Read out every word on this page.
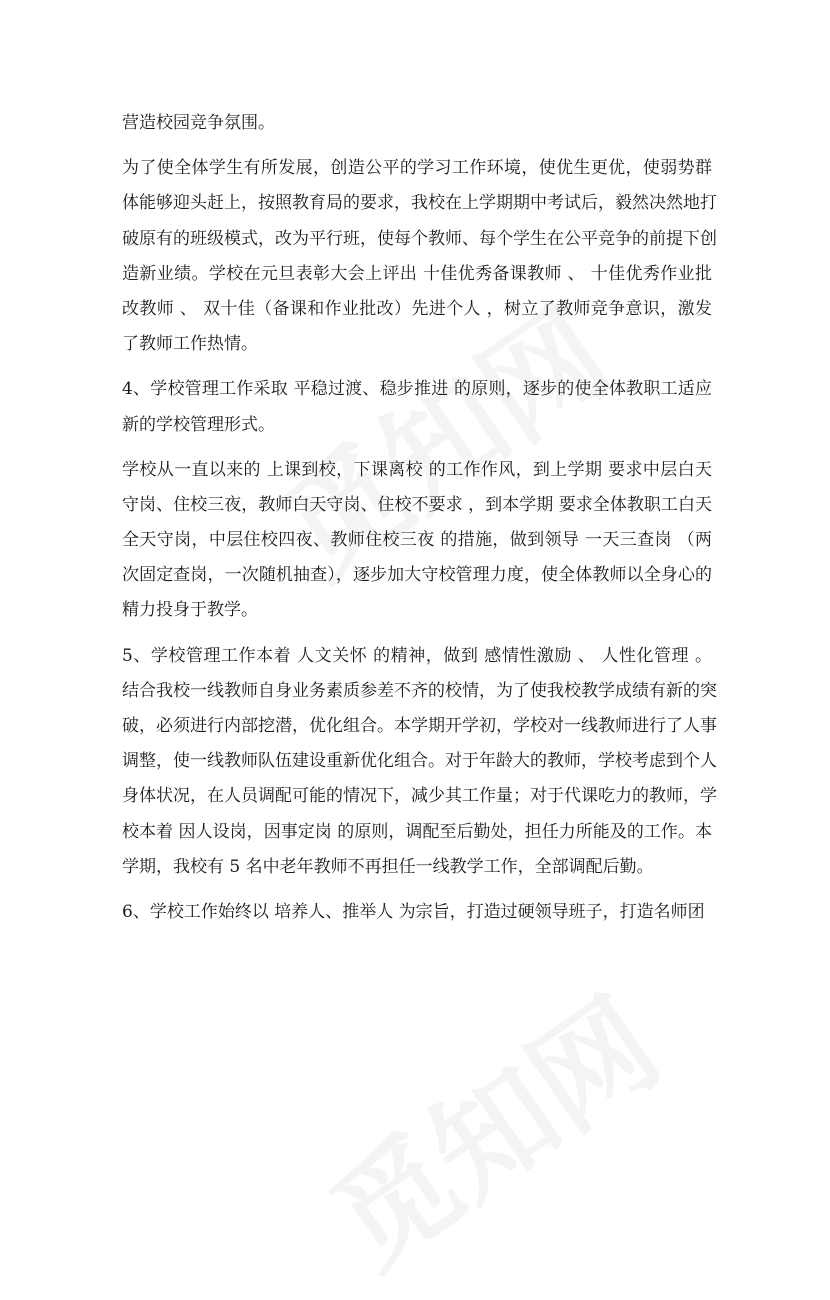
营造校园竞争氛围。
为了使全体学生有所发展，创造公平的学习工作环境，使优生更优，使弱势群
体能够迎头赶上，按照教育局的要求，我校在上学期期中考试后，毅然决然地打
破原有的班级模式，改为平行班，使每个教师、每个学生在公平竞争的前提下创
造新业绩。学校在元旦表彰大会上评出 十佳优秀备课教师 、 十佳优秀作业批
改教师 、 双十佳（备课和作业批改）先进个人 ，树立了教师竞争意识，激发
了教师工作热情。
4、学校管理工作采取 平稳过渡、稳步推进 的原则，逐步的使全体教职工适应
新的学校管理形式。
学校从一直以来的 上课到校，下课离校 的工作作风，到上学期 要求中层白天
守岗、住校三夜，教师白天守岗、住校不要求 ，到本学期 要求全体教职工白天
全天守岗，中层住校四夜、教师住校三夜 的措施，做到领导 一天三查岗 （两
次固定查岗，一次随机抽查），逐步加大守校管理力度，使全体教师以全身心的
精力投身于教学。
5、学校管理工作本着 人文关怀 的精神，做到 感情性激励 、 人性化管理 。
结合我校一线教师自身业务素质参差不齐的校情，为了使我校教学成绩有新的突
破，必须进行内部挖潜，优化组合。本学期开学初，学校对一线教师进行了人事
调整，使一线教师队伍建设重新优化组合。对于年龄大的教师，学校考虑到个人
身体状况，在人员调配可能的情况下，减少其工作量；对于代课吃力的教师，学
校本着 因人设岗，因事定岗 的原则，调配至后勤处，担任力所能及的工作。本
学期，我校有 5 名中老年教师不再担任一线教学工作，全部调配后勤。
6、学校工作始终以 培养人、推举人 为宗旨，打造过硬领导班子，打造名师团
